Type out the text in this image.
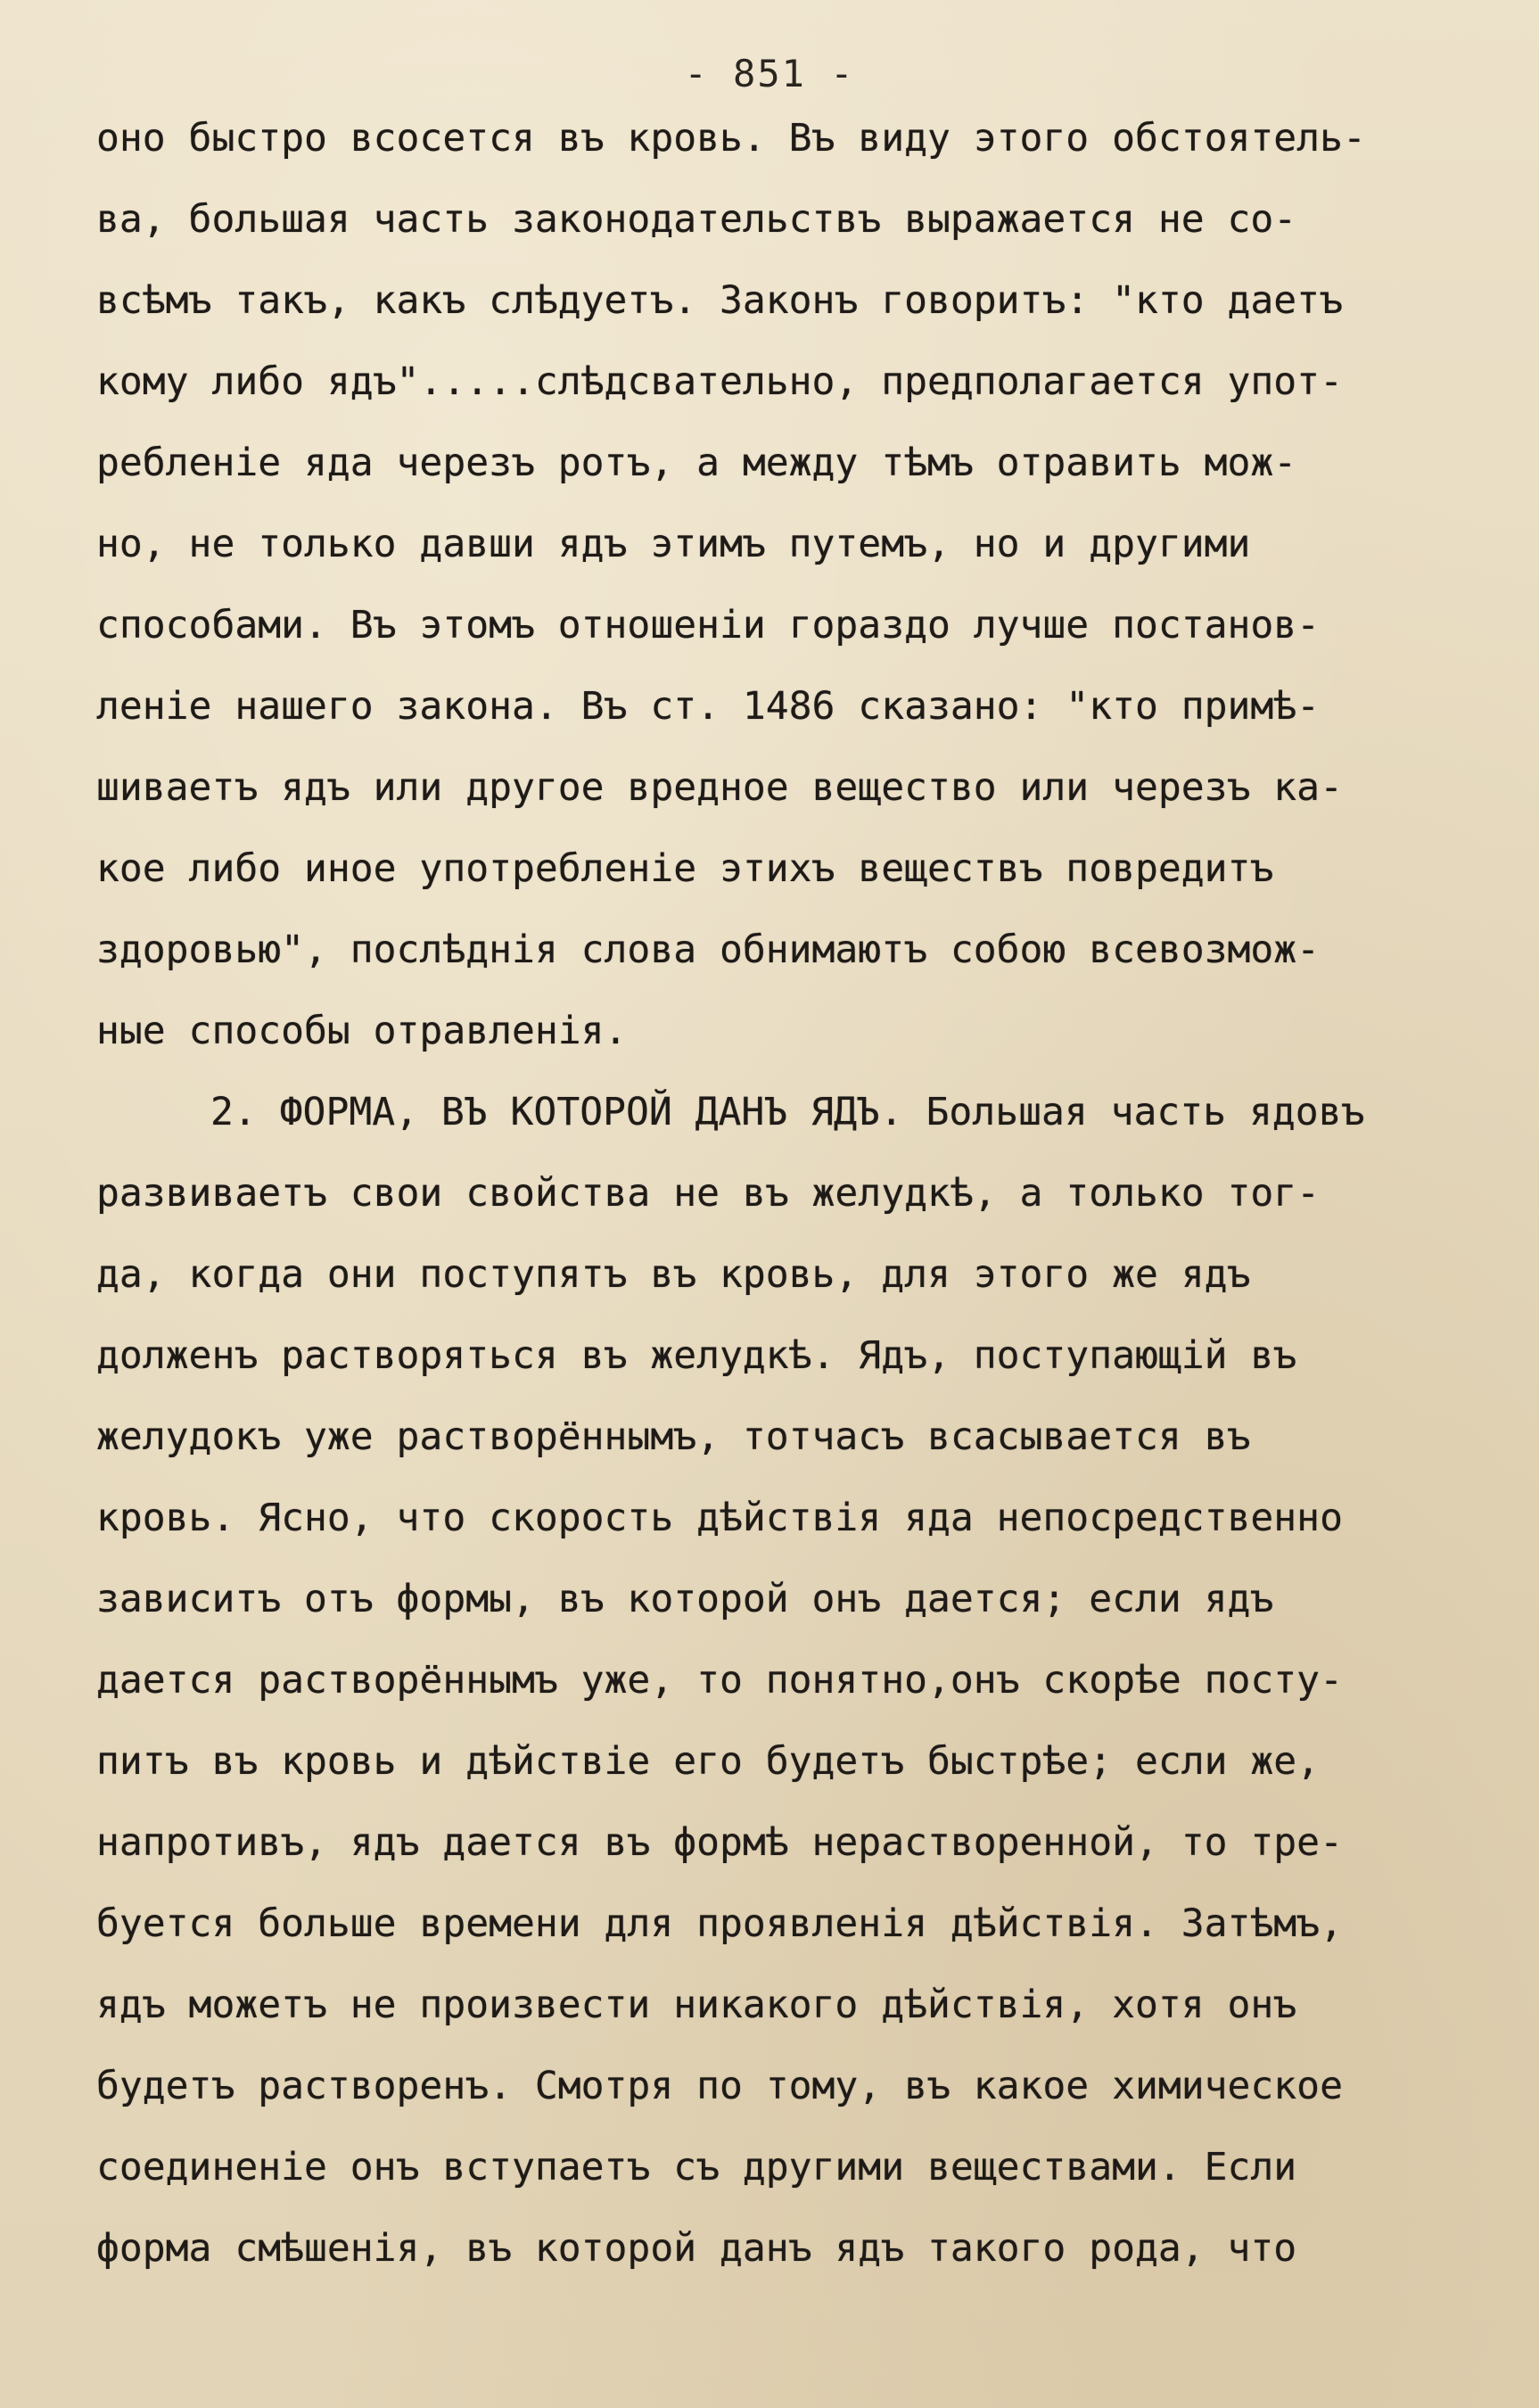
- 851 -
оно быстро всосется въ кровь. Въ виду этого обстоятель-
ва, большая часть законодательствъ выражается не со-
всѣмъ такъ, какъ слѣдуетъ. Законъ говоритъ: "кто даетъ
кому либо ядъ".....слѣдсвательно, предполагается упот-
ребленіе яда черезъ ротъ, а между тѣмъ отравить мож-
но, не только давши ядъ этимъ путемъ, но и другими
способами. Въ этомъ отношеніи гораздо лучше постанов-
леніе нашего закона. Въ ст. 1486 сказано: "кто примѣ-
шиваетъ ядъ или другое вредное вещество или черезъ ка-
кое либо иное употребленіе этихъ веществъ повредитъ
здоровью", послѣднія слова обнимаютъ собою всевозмож-
ные способы отравленія.
2. ФОРМА, ВЪ КОТОРОЙ ДАНЪ ЯДЪ. Большая часть ядовъ
развиваетъ свои свойства не въ желудкѣ, а только тог-
да, когда они поступятъ въ кровь, для этого же ядъ
долженъ растворяться въ желудкѣ. Ядъ, поступающій въ
желудокъ уже растворённымъ, тотчасъ всасывается въ
кровь. Ясно, что скорость дѣйствія яда непосредственно
зависитъ отъ формы, въ которой онъ дается; если ядъ
дается растворённымъ уже, то понятно,онъ скорѣе посту-
питъ въ кровь и дѣйствіе его будетъ быстрѣе; если же,
напротивъ, ядъ дается въ формѣ нерастворенной, то тре-
буется больше времени для проявленія дѣйствія. Затѣмъ,
ядъ можетъ не произвести никакого дѣйствія, хотя онъ
будетъ растворенъ. Смотря по тому, въ какое химическое
соединеніе онъ вступаетъ съ другими веществами. Если
форма смѣшенія, въ которой данъ ядъ такого рода, что
